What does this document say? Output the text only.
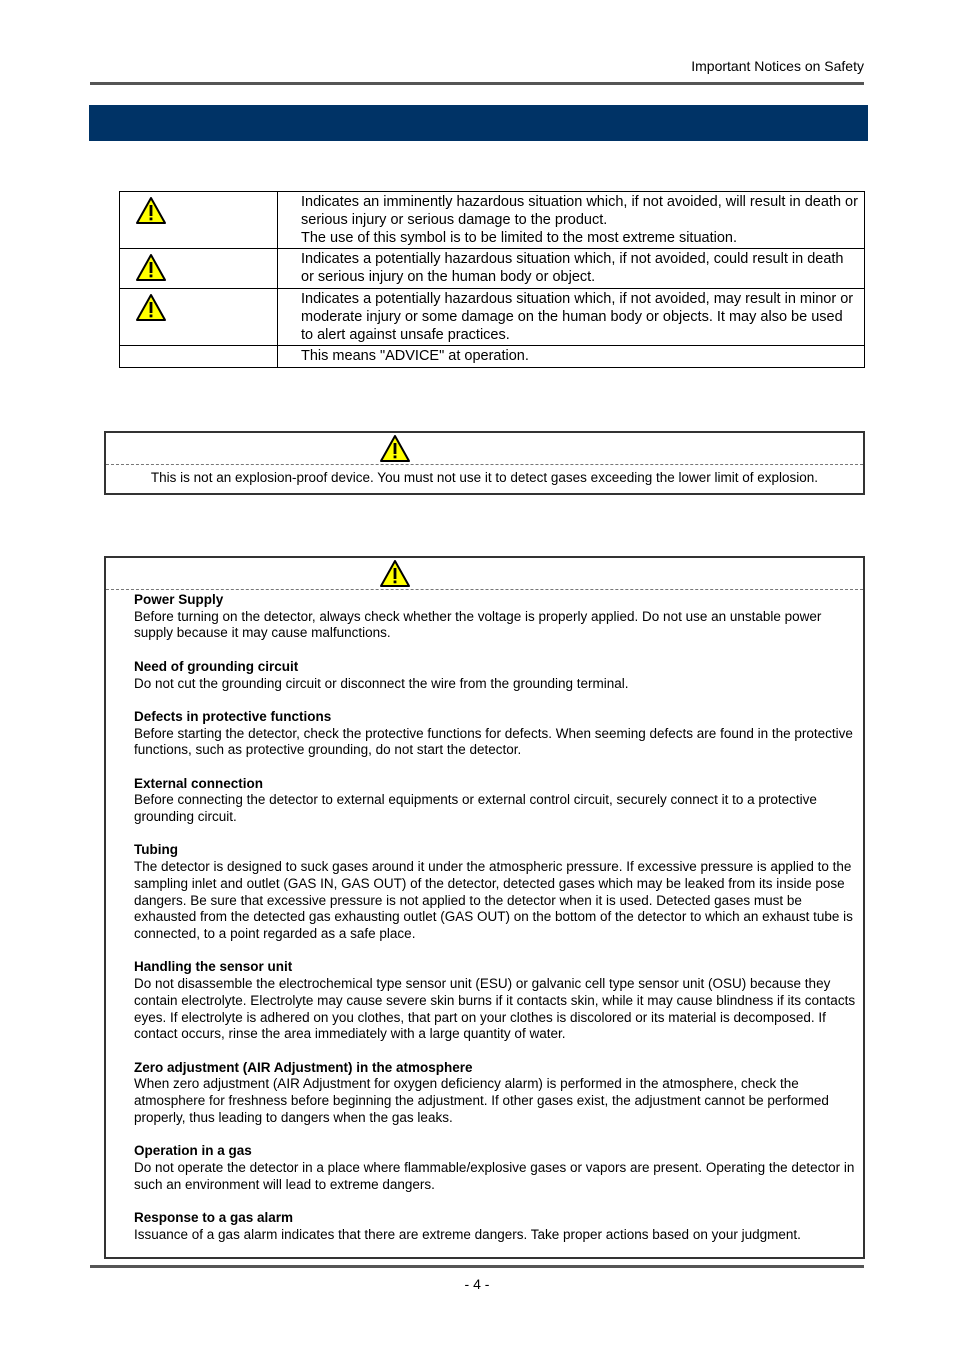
Important Notices on Safety
	Indicates an imminently hazardous situation which, if not avoided, will result in death or serious injury or serious damage to the product.
The use of this symbol is to be limited to the most extreme situation.
	Indicates a potentially hazardous situation which, if not avoided, could result in death or serious injury on the human body or object.
	Indicates a potentially hazardous situation which, if not avoided, may result in minor or moderate injury or some damage on the human body or objects. It may also be used to alert against unsafe practices.
	This means "ADVICE" at operation.
This is not an explosion-proof device. You must not use it to detect gases exceeding the lower limit of explosion.
Power Supply
Before turning on the detector, always check whether the voltage is properly applied. Do not use an unstable power supply because it may cause malfunctions.
Need of grounding circuit
Do not cut the grounding circuit or disconnect the wire from the grounding terminal.
Defects in protective functions
Before starting the detector, check the protective functions for defects. When seeming defects are found in the protective functions, such as protective grounding, do not start the detector.
External connection
Before connecting the detector to external equipments or external control circuit, securely connect it to a protective grounding circuit.
Tubing
The detector is designed to suck gases around it under the atmospheric pressure. If excessive pressure is applied to the sampling inlet and outlet (GAS IN, GAS OUT) of the detector, detected gases which may be leaked from its inside pose dangers. Be sure that excessive pressure is not applied to the detector when it is used. Detected gases must be exhausted from the detected gas exhausting outlet (GAS OUT) on the bottom of the detector to which an exhaust tube is connected, to a point regarded as a safe place.
Handling the sensor unit
Do not disassemble the electrochemical type sensor unit (ESU) or galvanic cell type sensor unit (OSU) because they contain electrolyte. Electrolyte may cause severe skin burns if it contacts skin, while it may cause blindness if its contacts eyes. If electrolyte is adhered on you clothes, that part on your clothes is discolored or its material is decomposed. If contact occurs, rinse the area immediately with a large quantity of water.
Zero adjustment (AIR Adjustment) in the atmosphere
When zero adjustment (AIR Adjustment for oxygen deficiency alarm) is performed in the atmosphere, check the atmosphere for freshness before beginning the adjustment. If other gases exist, the adjustment cannot be performed properly, thus leading to dangers when the gas leaks.
Operation in a gas
Do not operate the detector in a place where flammable/explosive gases or vapors are present. Operating the detector in such an environment will lead to extreme dangers.
Response to a gas alarm
Issuance of a gas alarm indicates that there are extreme dangers. Take proper actions based on your judgment.
- 4 -
